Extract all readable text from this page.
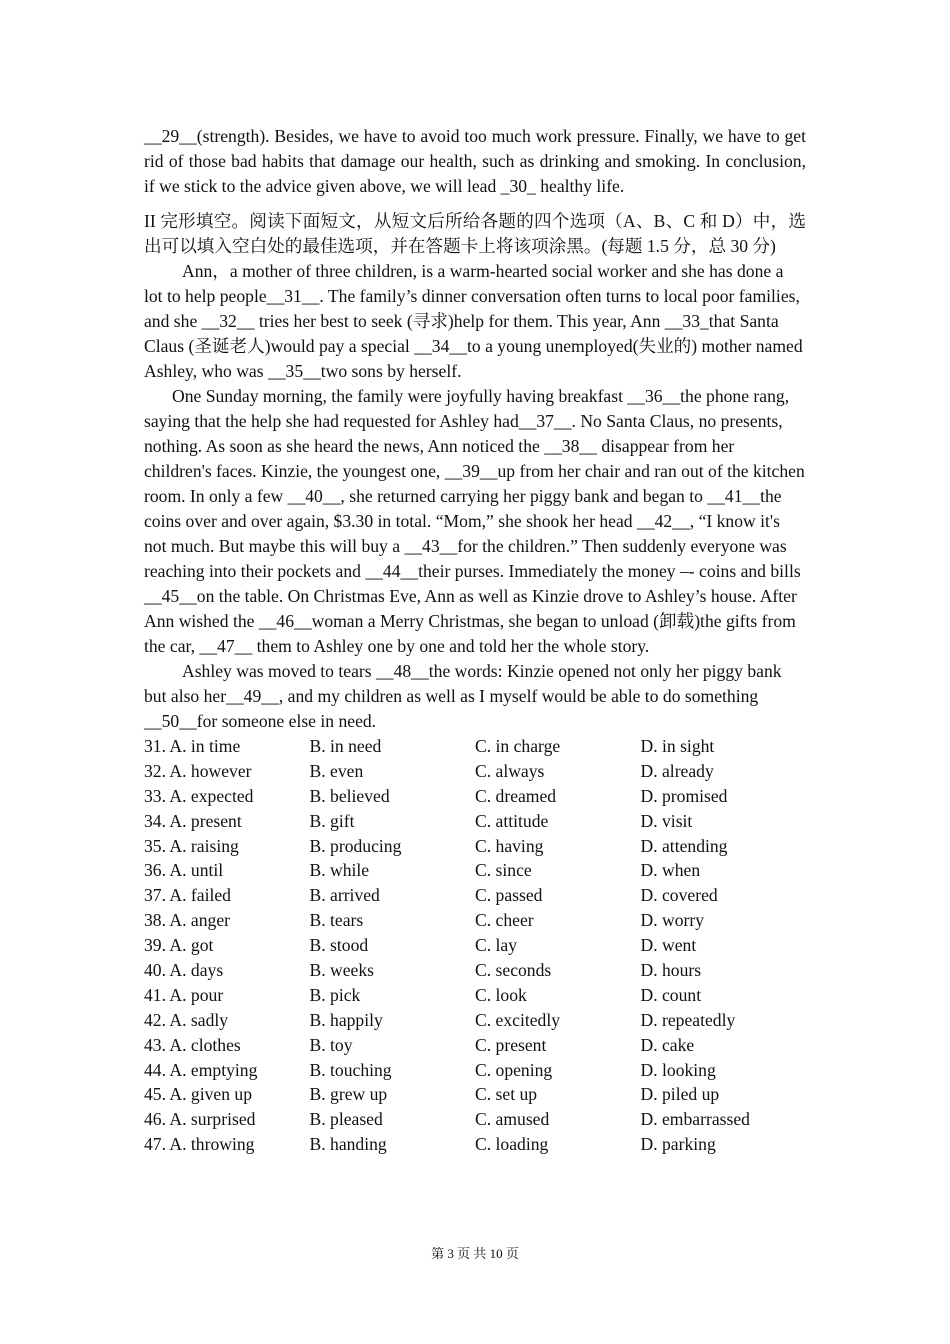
__29__(strength). Besides, we have to avoid too much work pressure. Finally, we have to get rid of those bad habits that damage our health, such as drinking and smoking. In conclusion, if we stick to the advice given above, we will lead _30_ healthy life.

II 完形填空。阅读下面短文，从短文后所给各题的四个选项（A、B、C 和 D）中，选出可以填入空白处的最佳选项，并在答题卡上将该项涂黑。(每题 1.5 分，总 30 分)

Ann，a mother of three children, is a warm-hearted social worker and she has done a lot to help people__31__. The family’s dinner conversation often turns to local poor families, and she __32__ tries her best to seek (寻求)help for them. This year, Ann __33_that Santa Claus (圣诞老人)would pay a special __34__to a young unemployed(失业的) mother named Ashley, who was __35__two sons by herself.

One Sunday morning, the family were joyfully having breakfast __36__the phone rang, saying that the help she had requested for Ashley had__37__. No Santa Claus, no presents, nothing. As soon as she heard the news, Ann noticed the __38__ disappear from her children's faces. Kinzie, the youngest one, __39__up from her chair and ran out of the kitchen room. In only a few __40__, she returned carrying her piggy bank and began to __41__the coins over and over again, $3.30 in total. “Mom,” she shook her head __42__, “I know it's not much. But maybe this will buy a __43__for the children.” Then suddenly everyone was reaching into their pockets and __44__their purses. Immediately the money –- coins and bills __45__on the table. On Christmas Eve, Ann as well as Kinzie drove to Ashley’s house. After Ann wished the __46__woman a Merry Christmas, she began to unload (卸载)the gifts from the car, __47__ them to Ashley one by one and told her the whole story.

Ashley was moved to tears __48__the words: Kinzie opened not only her piggy bank but also her__49__, and my children as well as I myself would be able to do something __50__for someone else in need.

31. A. in time	B. in need	C. in charge	D. in sight
32. A. however	B. even	C. always	D. already
33. A. expected	B. believed	C. dreamed	D. promised
34. A. present	B. gift	C. attitude	D. visit
35. A. raising	B. producing	C. having	D. attending
36. A. until	B. while	C. since	D. when
37. A. failed	B. arrived	C. passed	D. covered
38. A. anger	B. tears	C. cheer	D. worry
39. A. got	B. stood	C. lay	D. went
40. A. days	B. weeks	C. seconds	D. hours
41. A. pour	B. pick	C. look	D. count
42. A. sadly	B. happily	C. excitedly	D. repeatedly
43. A. clothes	B. toy	C. present	D. cake
44. A. emptying	B. touching	C. opening	D. looking
45. A. given up	B. grew up	C. set up	D. piled up
46. A. surprised	B. pleased	C. amused	D. embarrassed
47. A. throwing	B. handing	C. loading	D. parking
第 3 页 共 10 页
